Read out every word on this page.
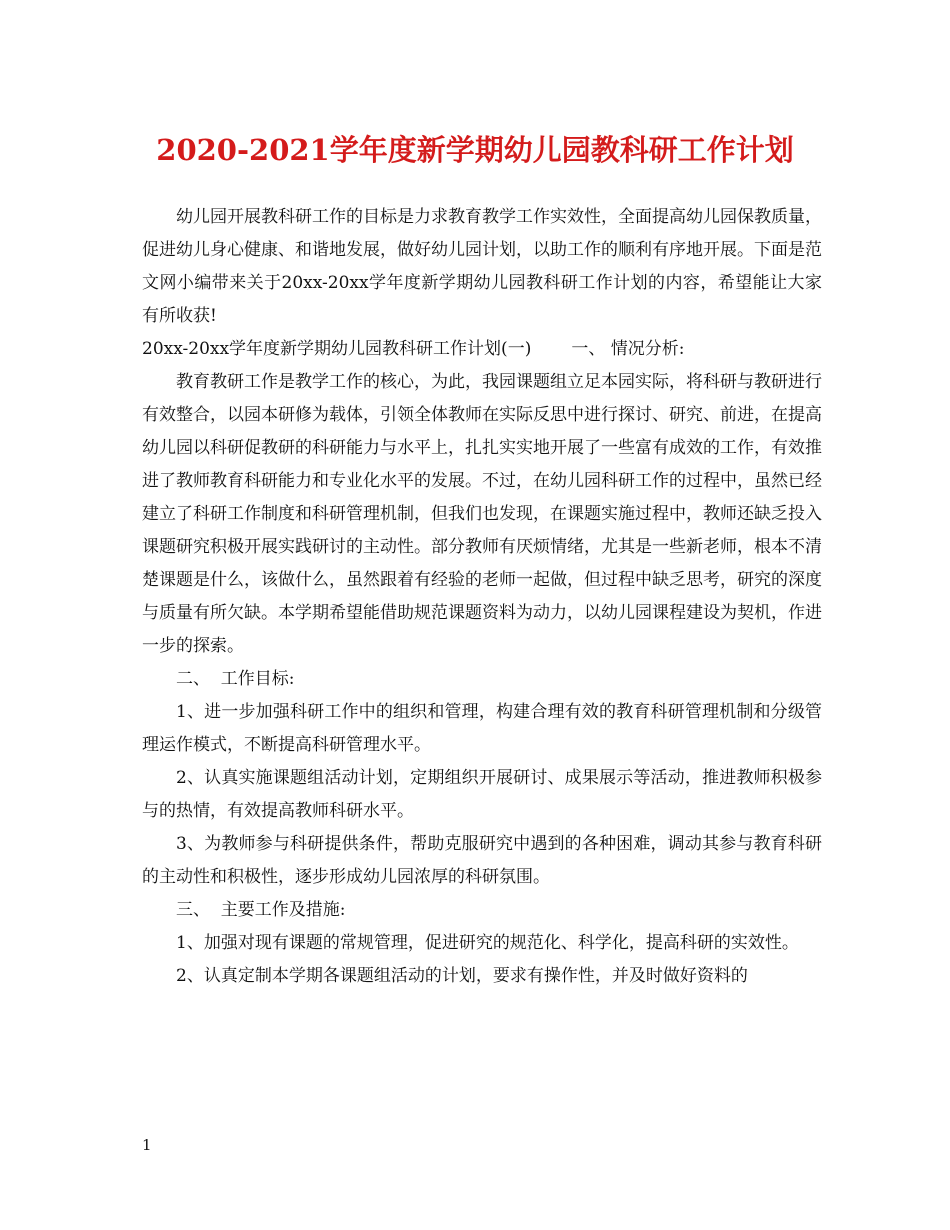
2020-2021学年度新学期幼儿园教科研工作计划

幼儿园开展教科研工作的目标是力求教育教学工作实效性，全面提高幼儿园保教质量，促进幼儿身心健康、和谐地发展，做好幼儿园计划，以助工作的顺利有序地开展。下面是范文网小编带来关于20xx-20xx学年度新学期幼儿园教科研工作计划的内容，希望能让大家有所收获!

20xx-20xx学年度新学期幼儿园教科研工作计划(一) 一、 情况分析:

教育教研工作是教学工作的核心，为此，我园课题组立足本园实际，将科研与教研进行有效整合，以园本研修为载体，引领全体教师在实际反思中进行探讨、研究、前进，在提高幼儿园以科研促教研的科研能力与水平上，扎扎实实地开展了一些富有成效的工作，有效推进了教师教育科研能力和专业化水平的发展。不过，在幼儿园科研工作的过程中，虽然已经建立了科研工作制度和科研管理机制，但我们也发现，在课题实施过程中，教师还缺乏投入课题研究积极开展实践研讨的主动性。部分教师有厌烦情绪，尤其是一些新老师，根本不清楚课题是什么，该做什么，虽然跟着有经验的老师一起做，但过程中缺乏思考，研究的深度与质量有所欠缺。本学期希望能借助规范课题资料为动力，以幼儿园课程建设为契机，作进一步的探索。

二、  工作目标:

1、进一步加强科研工作中的组织和管理，构建合理有效的教育科研管理机制和分级管理运作模式，不断提高科研管理水平。

2、认真实施课题组活动计划，定期组织开展研讨、成果展示等活动，推进教师积极参与的热情，有效提高教师科研水平。

3、为教师参与科研提供条件，帮助克服研究中遇到的各种困难，调动其参与教育科研的主动性和积极性，逐步形成幼儿园浓厚的科研氛围。

三、  主要工作及措施:

1、加强对现有课题的常规管理，促进研究的规范化、科学化，提高科研的实效性。

2、认真定制本学期各课题组活动的计划，要求有操作性，并及时做好资料的

1
